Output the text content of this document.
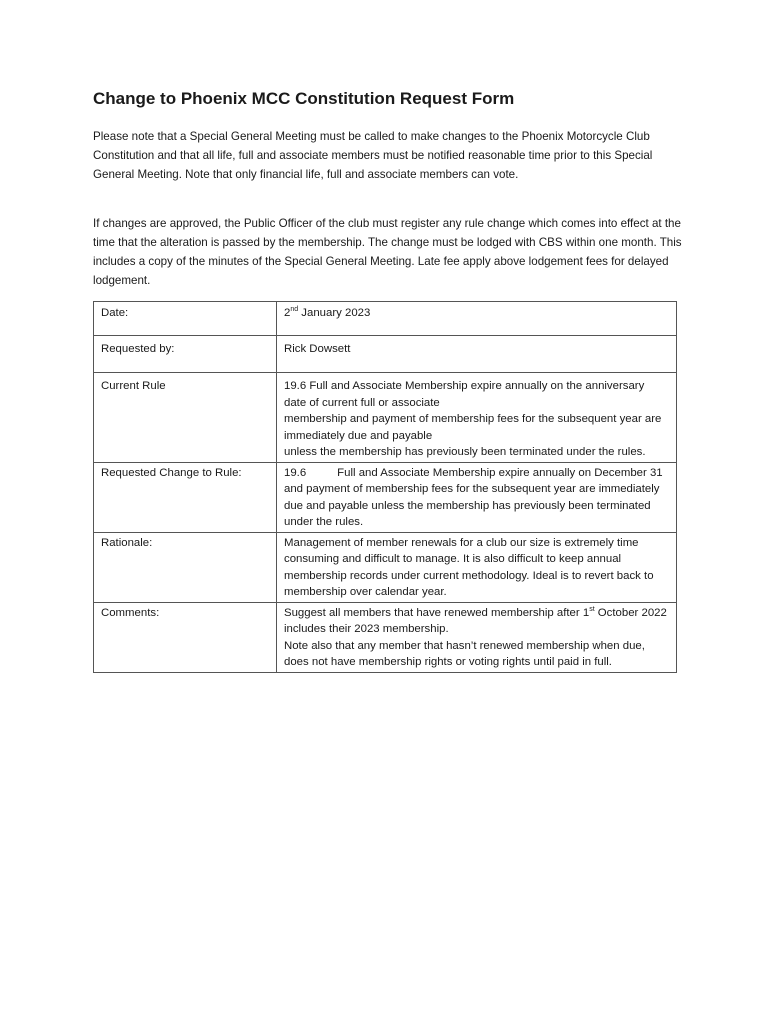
Change to Phoenix MCC Constitution Request Form

Please note that a Special General Meeting must be called to make changes to the Phoenix Motorcycle Club Constitution and that all life, full and associate members must be notified reasonable time prior to this Special General Meeting. Note that only financial life, full and associate members can vote.

If changes are approved, the Public Officer of the club must register any rule change which comes into effect at the time that the alteration is passed by the membership. The change must be lodged with CBS within one month. This includes a copy of the minutes of the Special General Meeting. Late fee apply above lodgement fees for delayed lodgement.

Date:	2nd January 2023
Requested by:	Rick Dowsett
Current Rule	19.6 Full and Associate Membership expire annually on the anniversary date of current full or associate
membership and payment of membership fees for the subsequent year are immediately due and payable
unless the membership has previously been terminated under the rules.

Requested Change to Rule:	19.6 Full and Associate Membership expire annually on December 31 and payment of membership fees for the subsequent year are immediately due and payable unless the membership has previously been terminated under the rules.
Rationale:	Management of member renewals for a club our size is extremely time consuming and difficult to manage. It is also difficult to keep annual membership records under current methodology. Ideal is to revert back to membership over calendar year.
Comments:	Suggest all members that have renewed membership after 1st October 2022 includes their 2023 membership.
Note also that any member that hasn’t renewed membership when due, does not have membership rights or voting rights until paid in full.
